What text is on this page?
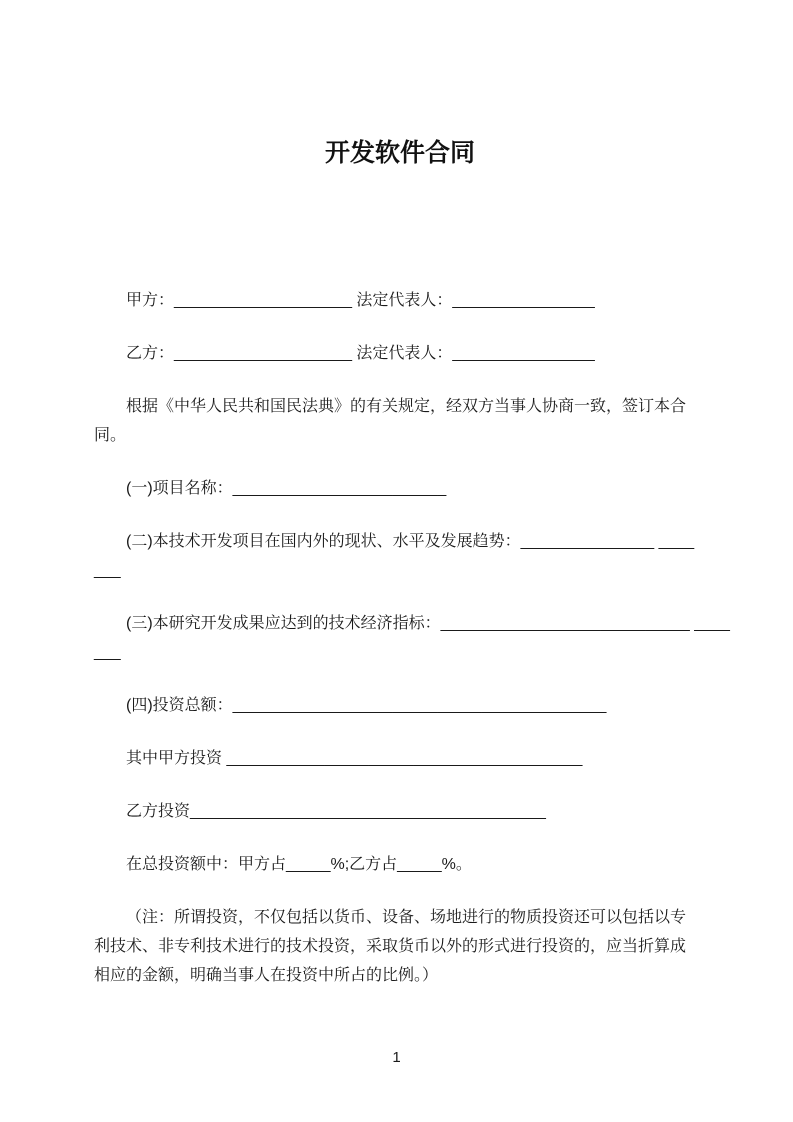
开发软件合同
甲方：____________________ 法定代表人：________________
乙方：____________________ 法定代表人：________________
根据《中华人民共和国民法典》的有关规定，经双方当事人协商一致，签订本合
同。
(一)项目名称：________________________
(二)本技术开发项目在国内外的现状、水平及发展趋势：_______________ ____
___
(三)本研究开发成果应达到的技术经济指标：____________________________ ____
___
(四)投资总额：__________________________________________
其中甲方投资 ________________________________________
乙方投资________________________________________
在总投资额中：甲方占_____%;乙方占_____%。
（注：所谓投资，不仅包括以货币、设备、场地进行的物质投资还可以包括以专
利技术、非专利技术进行的技术投资，采取货币以外的形式进行投资的，应当折算成
相应的金额，明确当事人在投资中所占的比例。）
1
